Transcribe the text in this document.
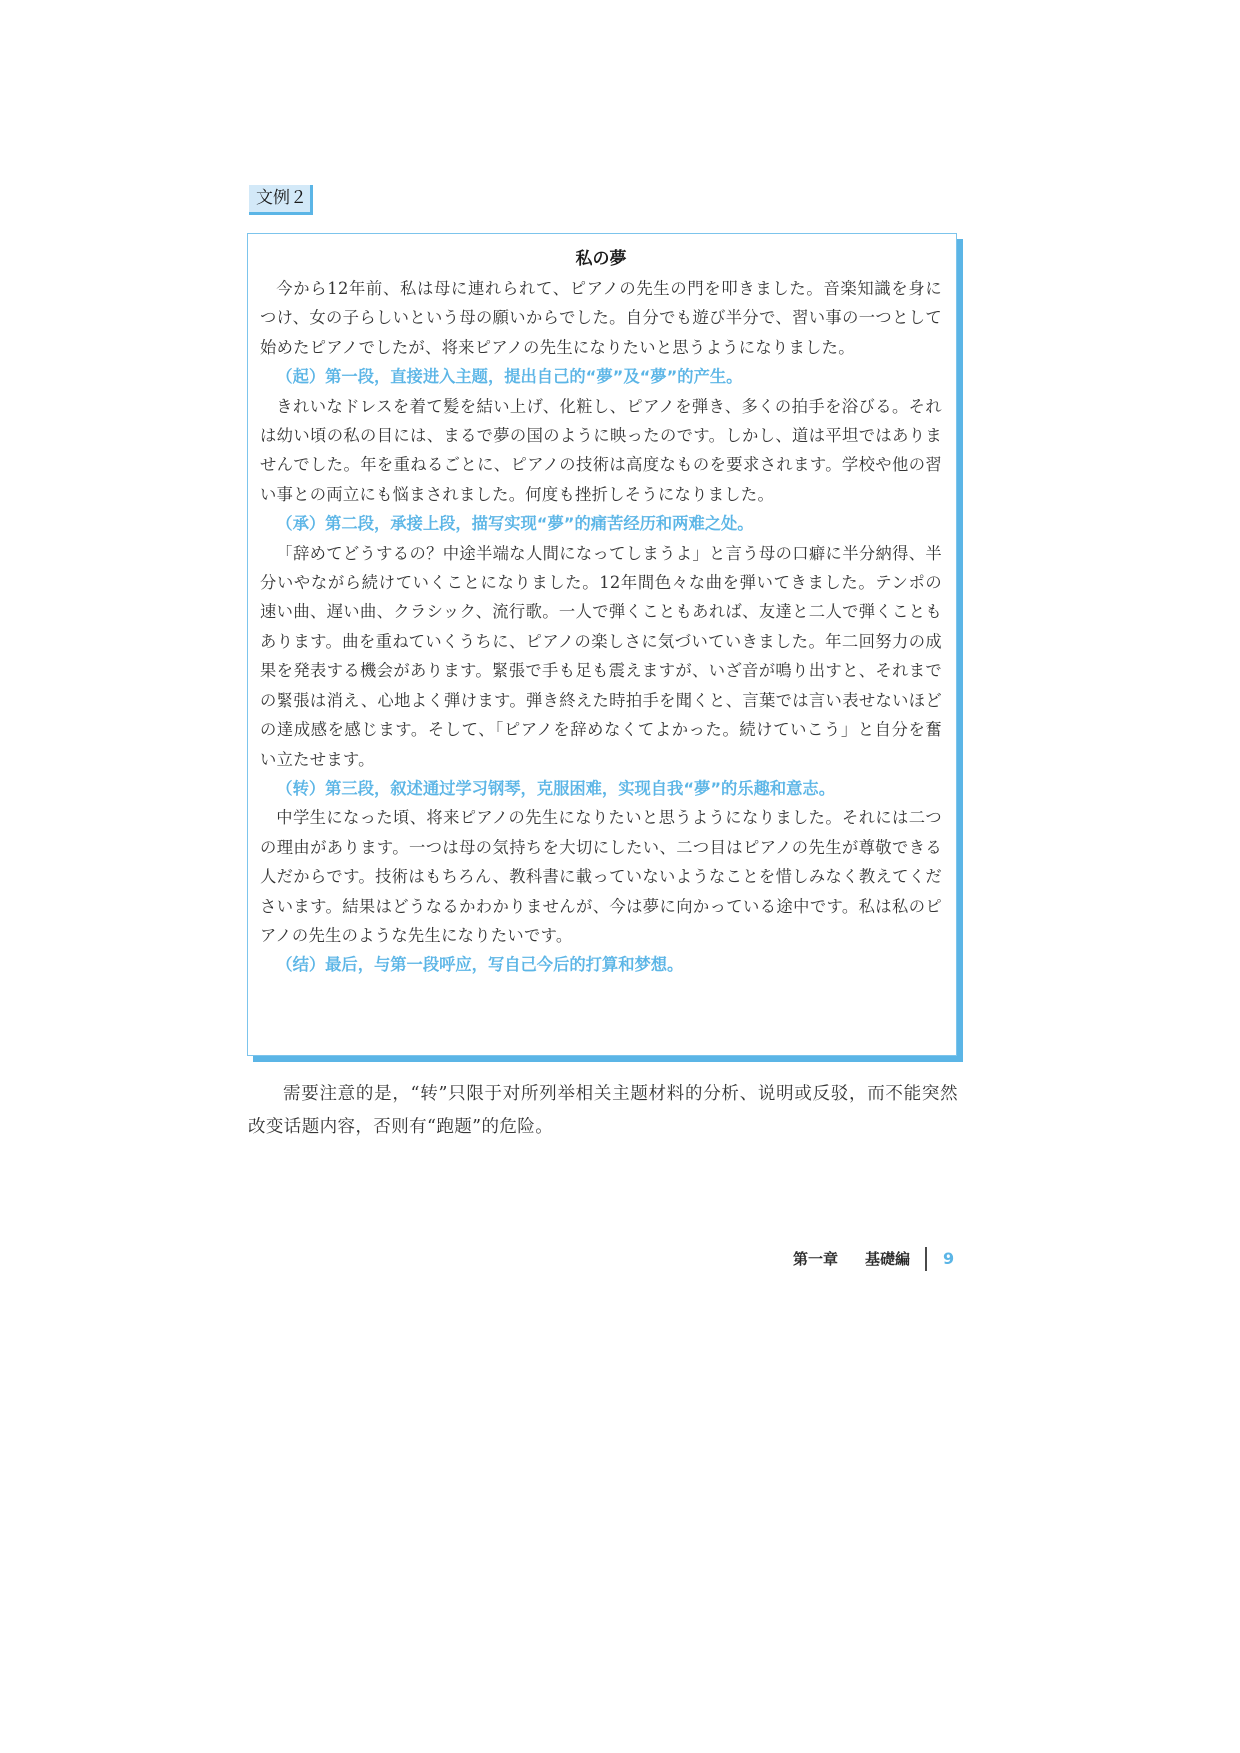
文例２
私の夢

今から12年前、私は母に連れられて、ピアノの先生の門を叩きました。音楽知識を身につけ、女の子らしいという母の願いからでした。自分でも遊び半分で、習い事の一つとして始めたピアノでしたが、将来ピアノの先生になりたいと思うようになりました。

（起）第一段，直接进入主题，提出自己的“夢”及“夢”的产生。

きれいなドレスを着て髪を結い上げ、化粧し、ピアノを弾き、多くの拍手を浴びる。それは幼い頃の私の目には、まるで夢の国のように映ったのです。しかし、道は平坦ではありませんでした。年を重ねるごとに、ピアノの技術は高度なものを要求されます。学校や他の習い事との両立にも悩まされました。何度も挫折しそうになりました。

（承）第二段，承接上段，描写实现“夢”的痛苦经历和两难之处。

「辞めてどうするの？中途半端な人間になってしまうよ」と言う母の口癖に半分納得、半分いやながら続けていくことになりました。12年間色々な曲を弾いてきました。テンポの速い曲、遅い曲、クラシック、流行歌。一人で弾くこともあれば、友達と二人で弾くこともあります。曲を重ねていくうちに、ピアノの楽しさに気づいていきました。年二回努力の成果を発表する機会があります。緊張で手も足も震えますが、いざ音が鳴り出すと、それまでの緊張は消え、心地よく弾けます。弾き終えた時拍手を聞くと、言葉では言い表せないほどの達成感を感じます。そして、「ピアノを辞めなくてよかった。続けていこう」と自分を奮い立たせます。

（转）第三段，叙述通过学习钢琴，克服困难，实现自我“夢”的乐趣和意志。

中学生になった頃、将来ピアノの先生になりたいと思うようになりました。それには二つの理由があります。一つは母の気持ちを大切にしたい、二つ目はピアノの先生が尊敬できる人だからです。技術はもちろん、教科書に載っていないようなことを惜しみなく教えてくださいます。結果はどうなるかわかりませんが、今は夢に向かっている途中です。私は私のピアノの先生のような先生になりたいです。

（结）最后，与第一段呼应，写自己今后的打算和梦想。

需要注意的是，“转”只限于对所列举相关主题材料的分析、说明或反驳，而不能突然改变话题内容，否则有“跑题”的危险。

第一章 基礎編 9
